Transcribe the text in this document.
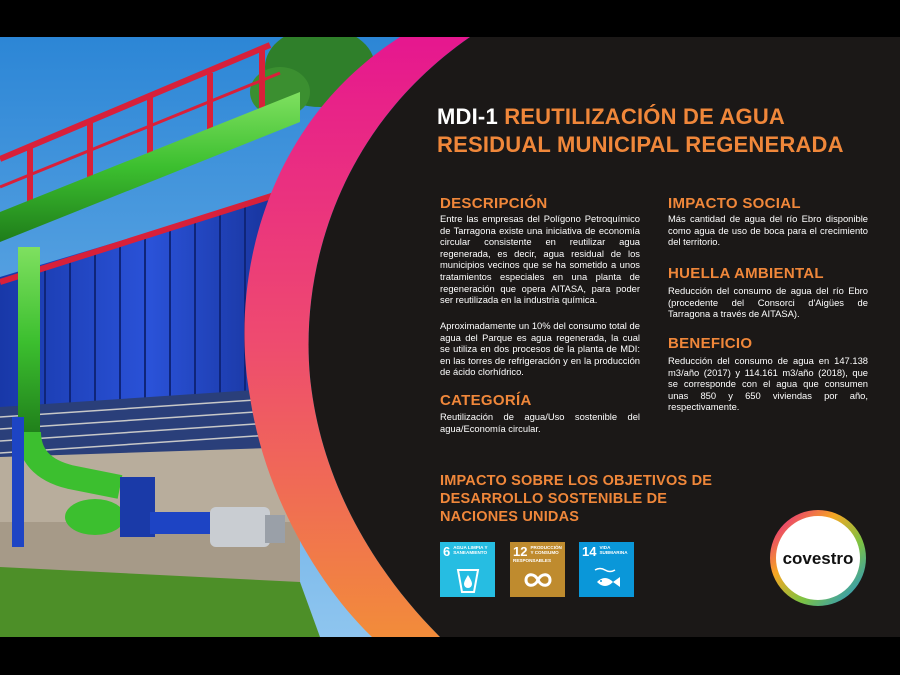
MDI-1 REUTILIZACIÓN DE AGUA RESIDUAL MUNICIPAL REGENERADA
DESCRIPCIÓN

Entre las empresas del Polígono Petroquímico de Tarragona existe una iniciativa de economía circular consistente en reutilizar agua regenerada, es decir, agua residual de los municipios vecinos que se ha sometido a unos tratamientos especiales en una planta de regeneración que opera AITASA, para poder ser reutilizada en la industria química.

Aproximadamente un 10% del consumo total de agua del Parque es agua regenerada, la cual se utiliza en dos procesos de la planta de MDI: en las torres de refrigeración y en la producción de ácido clorhídrico.

CATEGORÍA

Reutilización de agua/Uso sostenible del agua/Economía circular.

IMPACTO SOCIAL

Más cantidad de agua del río Ebro disponible como agua de uso de boca para el crecimiento del territorio.

HUELLA AMBIENTAL

Reducción del consumo de agua del río Ebro (procedente del Consorci d'Aigües de Tarragona a través de AITASA).

BENEFICIO

Reducción del consumo de agua en 147.138 m3/año (2017) y 114.161 m3/año (2018), que se corresponde con el agua que consumen unas 850 y 650 viviendas por año, respectivamente.

IMPACTO SOBRE LOS OBJETIVOS DE DESARROLLO SOSTENIBLE DE NACIONES UNIDAS
6 AGUA LIMPIA Y SANEAMIENTO	12 PRODUCCIÓN Y CONSUMO RESPONSABLES
14 VIDA SUBMARINA	covestro
